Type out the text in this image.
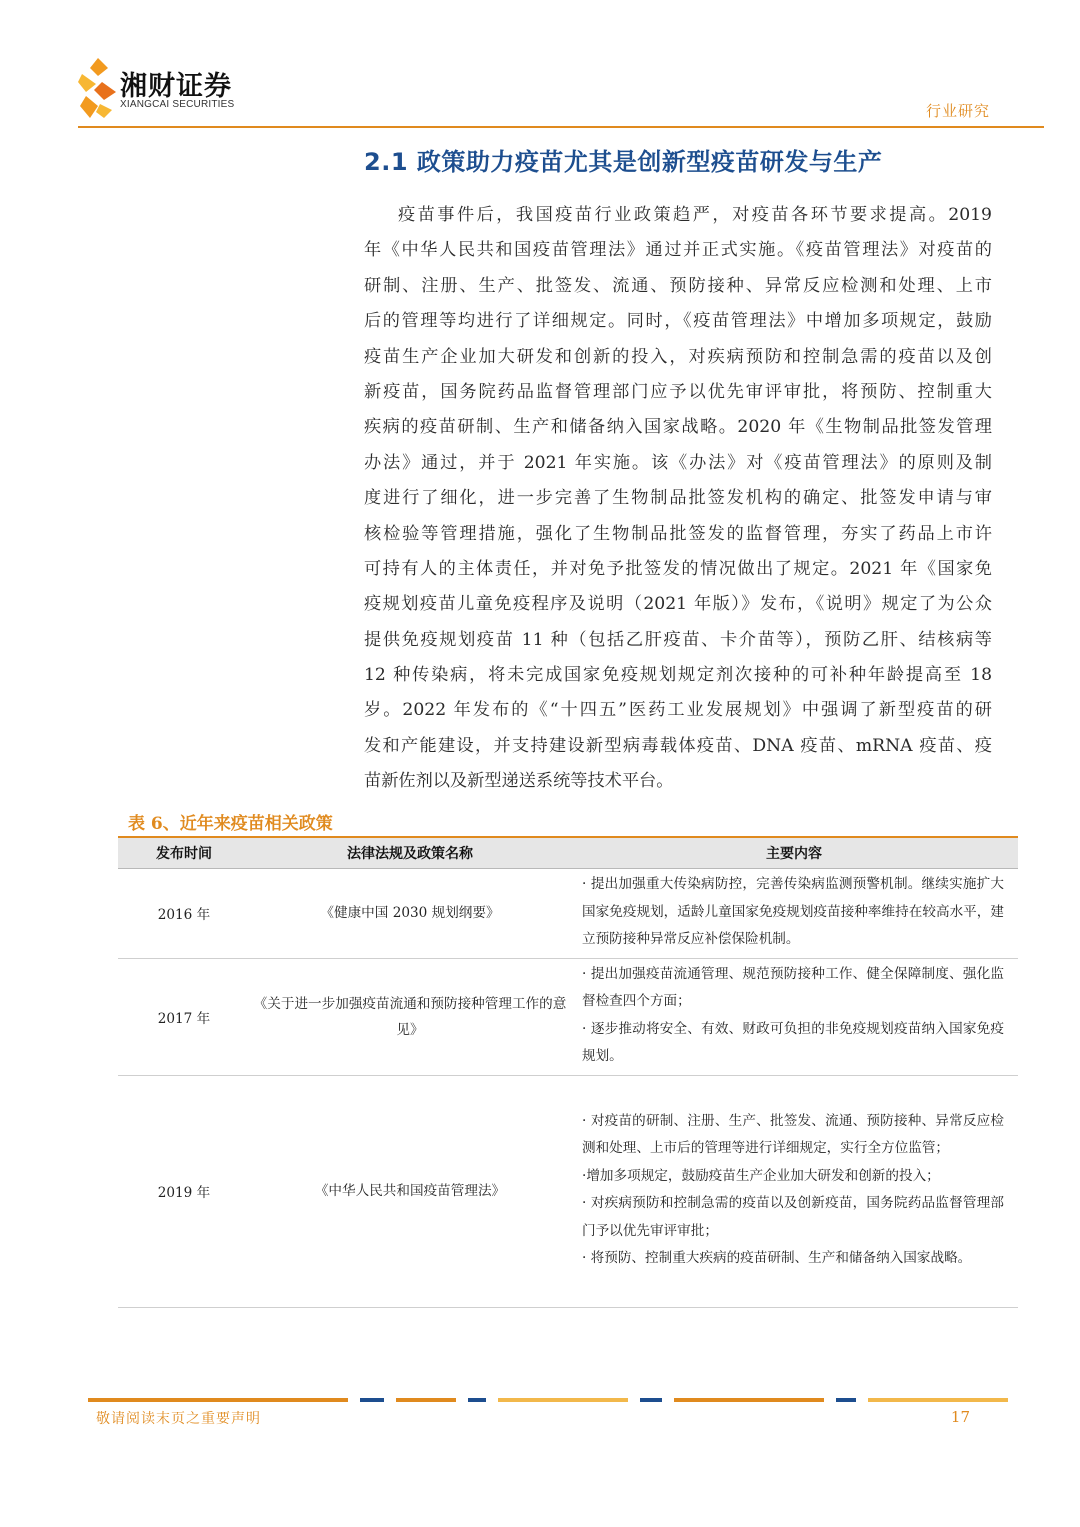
湘财证券
XIANGCAI SECURITIES	行业研究
2.1 政策助力疫苗尤其是创新型疫苗研发与生产
疫苗事件后，我国疫苗行业政策趋严，对疫苗各环节要求提高。2019
年《中华人民共和国疫苗管理法》通过并正式实施。《疫苗管理法》对疫苗的
研制、注册、生产、批签发、流通、预防接种、异常反应检测和处理、上市
后的管理等均进行了详细规定。同时，《疫苗管理法》中增加多项规定，鼓励
疫苗生产企业加大研发和创新的投入，对疾病预防和控制急需的疫苗以及创
新疫苗，国务院药品监督管理部门应予以优先审评审批，将预防、控制重大
疾病的疫苗研制、生产和储备纳入国家战略。2020 年《生物制品批签发管理
办法》通过，并于 2021 年实施。该《办法》对《疫苗管理法》的原则及制
度进行了细化，进一步完善了生物制品批签发机构的确定、批签发申请与审
核检验等管理措施，强化了生物制品批签发的监督管理，夯实了药品上市许
可持有人的主体责任，并对免予批签发的情况做出了规定。2021 年《国家免
疫规划疫苗儿童免疫程序及说明（2021 年版）》发布，《说明》规定了为公众
提供免疫规划疫苗 11 种（包括乙肝疫苗、卡介苗等），预防乙肝、结核病等
12 种传染病，将未完成国家免疫规划规定剂次接种的可补种年龄提高至 18
岁。2022 年发布的《“十四五”医药工业发展规划》中强调了新型疫苗的研
发和产能建设，并支持建设新型病毒载体疫苗、DNA 疫苗、mRNA 疫苗、疫
苗新佐剂以及新型递送系统等技术平台。
表 6、近年来疫苗相关政策
发布时间	法律法规及政策名称	主要内容
2016 年	《健康中国 2030 规划纲要》	· 提出加强重大传染病防控，完善传染病监测预警机制。继续实施扩大国家免疫规划，适龄儿童国家免疫规划疫苗接种率维持在较高水平，建立预防接种异常反应补偿保险机制。
2017 年	《关于进一步加强疫苗流通和预防接种管理工作的意见》	· 提出加强疫苗流通管理、规范预防接种工作、健全保障制度、强化监督检查四个方面；
· 逐步推动将安全、有效、财政可负担的非免疫规划疫苗纳入国家免疫规划。
2019 年	《中华人民共和国疫苗管理法》	· 对疫苗的研制、注册、生产、批签发、流通、预防接种、异常反应检测和处理、上市后的管理等进行详细规定，实行全方位监管；
·增加多项规定，鼓励疫苗生产企业加大研发和创新的投入；
· 对疾病预防和控制急需的疫苗以及创新疫苗，国务院药品监督管理部门予以优先审评审批；
· 将预防、控制重大疾病的疫苗研制、生产和储备纳入国家战略。
敬请阅读末页之重要声明	17
